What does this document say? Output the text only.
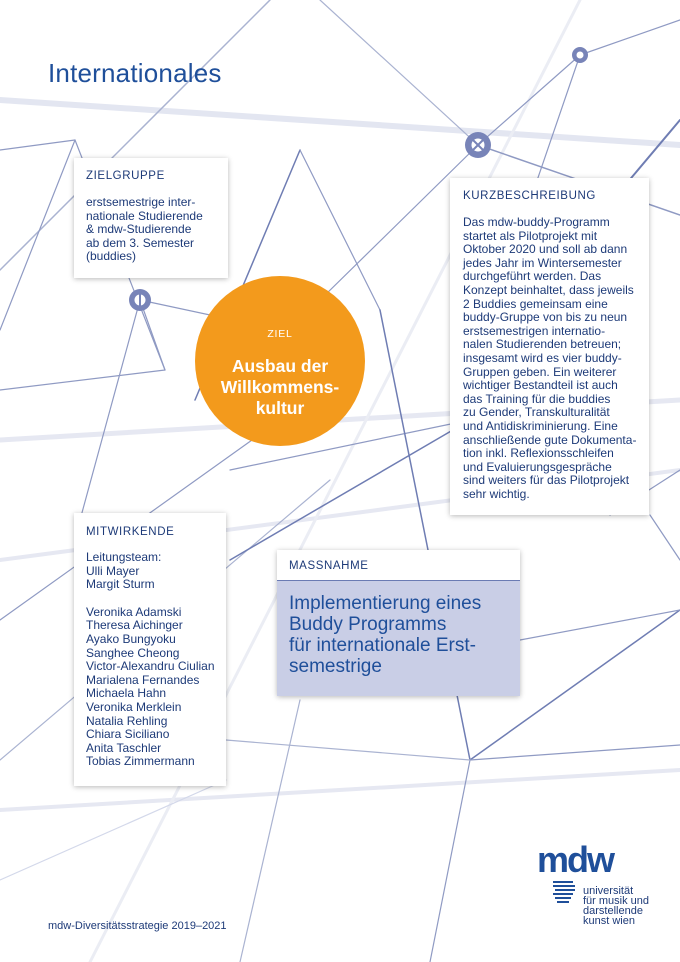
Internationales
ZIELGRUPPE
erstsemestrige inter-
nationale Studierende
& mdw-Studierende
ab dem 3. Semester
(buddies)
KURZBESCHREIBUNG
Das mdw-buddy-Programm
startet als Pilotprojekt mit
Oktober 2020 und soll ab dann
jedes Jahr im Wintersemester
durchgeführt werden. Das
Konzept beinhaltet, dass jeweils
2 Buddies gemeinsam eine
buddy-Gruppe von bis zu neun
erstsemestrigen internatio-
nalen Studierenden betreuen;
insgesamt wird es vier buddy-
Gruppen geben. Ein weiterer
wichtiger Bestandteil ist auch
das Training für die buddies
zu Gender, Transkulturalität
und Antidiskriminierung. Eine
anschließende gute Dokumenta-
tion inkl. Reflexionsschleifen
und Evaluierungsgespräche
sind weiters für das Pilotprojekt
sehr wichtig.
ZIEL
Ausbau der
Willkommens-
kultur
MITWIRKENDE
Leitungsteam:
Ulli Mayer
Margit Sturm
Veronika Adamski
Theresa Aichinger
Ayako Bungyoku
Sanghee Cheong
Victor-Alexandru Ciulian
Marialena Fernandes
Michaela Hahn
Veronika Merklein
Natalia Rehling
Chiara Siciliano
Anita Taschler
Tobias Zimmermann
MASSNAHME
Implementierung eines
Buddy Programms
für internationale Erst-
semestrige
mdw-Diversitätsstrategie 2019–2021
mdw
universität
für musik und
darstellende
kunst wien
